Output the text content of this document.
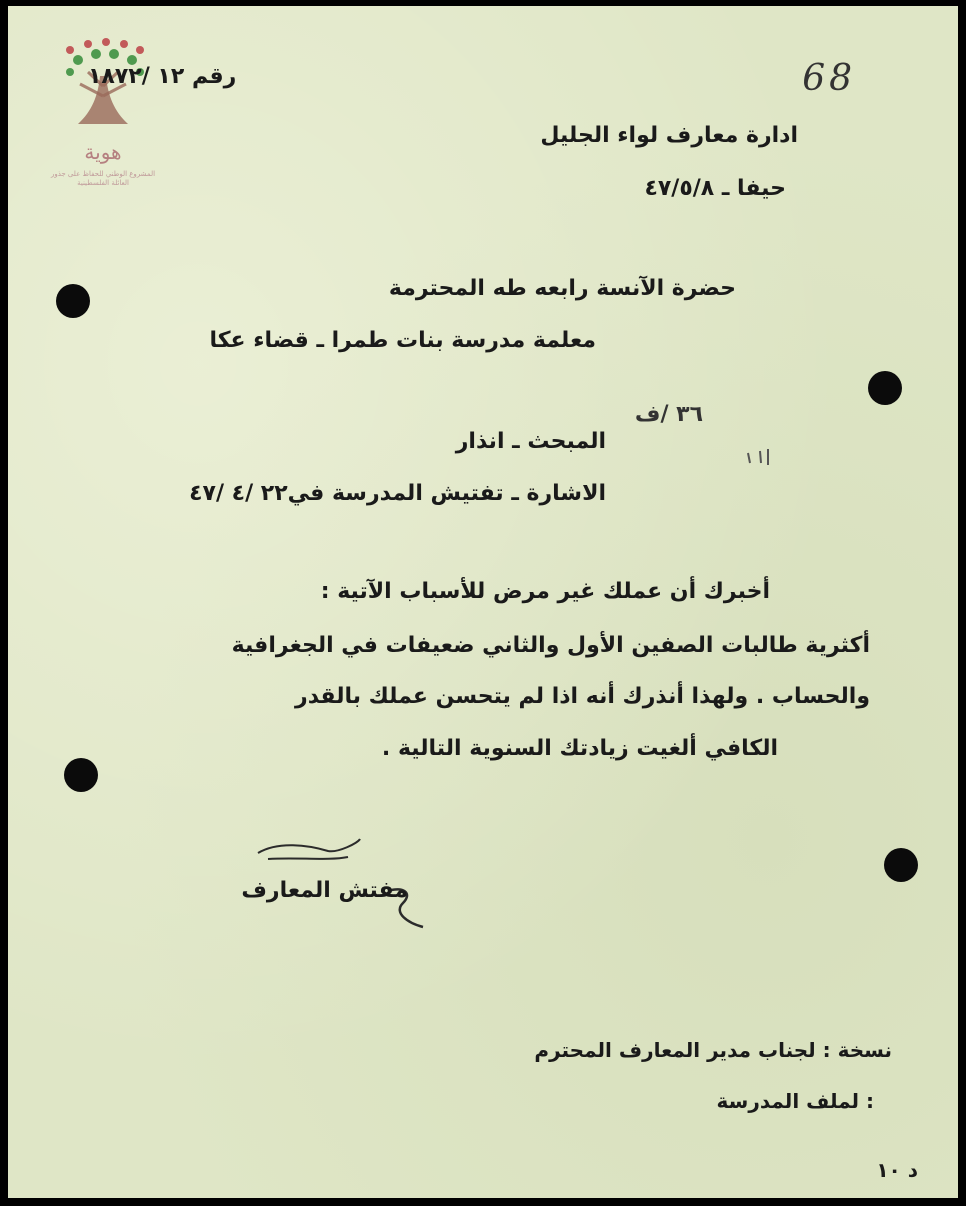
هوية
المشروع الوطني للحفاظ على جذور العائلة الفلسطينية
رقم ١٢ /١٨٧٢	68
ادارة معارف لواء الجليل
حيفا ـ ٤٧/٥/٨
حضرة الآنسة رابعه طه المحترمة
معلمة مدرسة بنات طمرا ـ قضاء عكا
٣٦ /ف
المبحث ـ انذار
الاشارة ـ تفتيش المدرسة في٢٢ /٤ /٤٧
أخبرك أن عملك غير مرض للأسباب الآتية :
أكثرية طالبات الصفين الأول والثاني ضعيفات في الجغرافية
والحساب . ولهذا أنذرك أنه اذا لم يتحسن عملك بالقدر
الكافي ألغيت زيادتك السنوية التالية .
مفتش المعارف
نسخة : لجناب مدير المعارف المحترم
: لملف المدرسة
د ١٠
